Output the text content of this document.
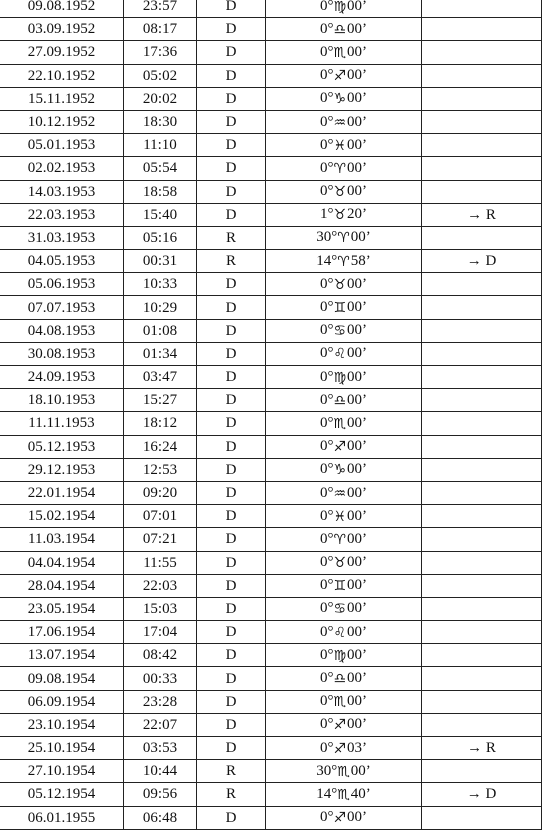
09.08.1952	23:57	D	0°♍︎00’	
03.09.1952	08:17	D	0°♎︎00’	
27.09.1952	17:36	D	0°♏︎00’	
22.10.1952	05:02	D	0°♐︎00’	
15.11.1952	20:02	D	0°♑︎00’	
10.12.1952	18:30	D	0°♒︎00’	
05.01.1953	11:10	D	0°♓︎00’	
02.02.1953	05:54	D	0°♈︎00’	
14.03.1953	18:58	D	0°♉︎00’	
22.03.1953	15:40	D	1°♉︎20’	→ R
31.03.1953	05:16	R	30°♈︎00’	
04.05.1953	00:31	R	14°♈︎58’	→ D
05.06.1953	10:33	D	0°♉︎00’	
07.07.1953	10:29	D	0°♊︎00’	
04.08.1953	01:08	D	0°♋︎00’	
30.08.1953	01:34	D	0°♌︎00’	
24.09.1953	03:47	D	0°♍︎00’	
18.10.1953	15:27	D	0°♎︎00’	
11.11.1953	18:12	D	0°♏︎00’	
05.12.1953	16:24	D	0°♐︎00’	
29.12.1953	12:53	D	0°♑︎00’	
22.01.1954	09:20	D	0°♒︎00’	
15.02.1954	07:01	D	0°♓︎00’	
11.03.1954	07:21	D	0°♈︎00’	
04.04.1954	11:55	D	0°♉︎00’	
28.04.1954	22:03	D	0°♊︎00’	
23.05.1954	15:03	D	0°♋︎00’	
17.06.1954	17:04	D	0°♌︎00’	
13.07.1954	08:42	D	0°♍︎00’	
09.08.1954	00:33	D	0°♎︎00’	
06.09.1954	23:28	D	0°♏︎00’	
23.10.1954	22:07	D	0°♐︎00’	
25.10.1954	03:53	D	0°♐︎03’	→ R
27.10.1954	10:44	R	30°♏︎00’	
05.12.1954	09:56	R	14°♏︎40’	→ D
06.01.1955	06:48	D	0°♐︎00’	
